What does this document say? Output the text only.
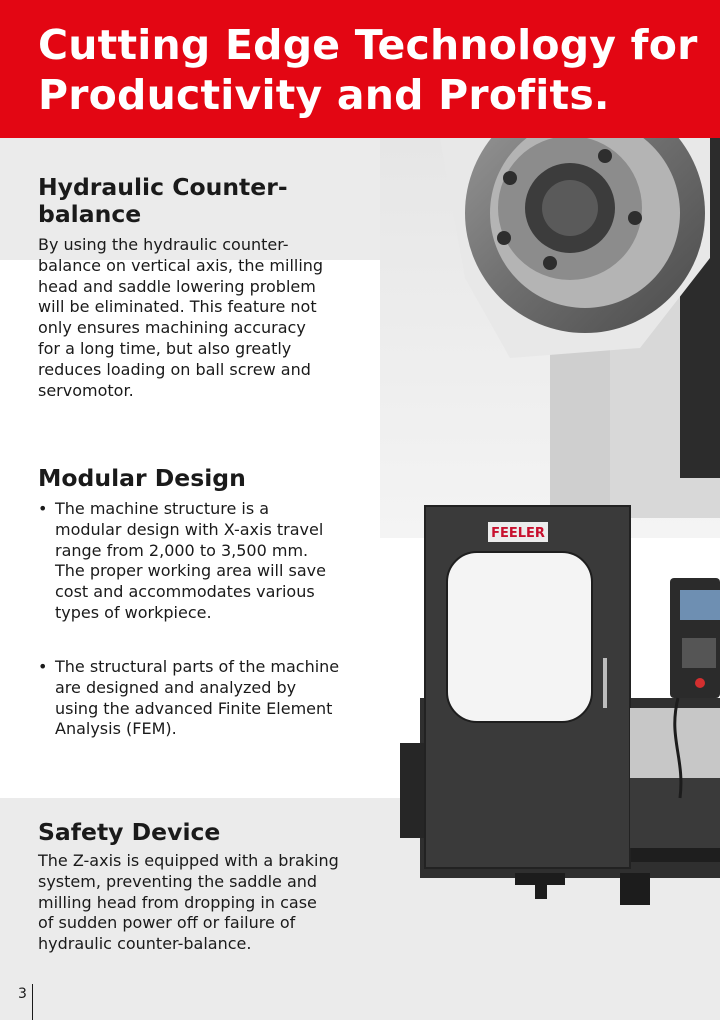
Cutting Edge Technology for
Productivity and Profits.
FEELER
Hydraulic Counter-
balance
By using the hydraulic counter-
balance on vertical axis, the milling
head and saddle lowering problem
will be eliminated. This feature not
only ensures machining accuracy
for a long time, but also greatly
reduces loading on ball screw and
servomotor.
Modular Design
• The machine structure is a
modular design with X-axis travel
range from 2,000 to 3,500 mm.
The proper working area will save
cost and accommodates various
types of workpiece.
• The structural parts of the machine
are designed and analyzed by
using the advanced Finite Element
Analysis (FEM).
Safety Device
The Z-axis is equipped with a braking
system, preventing the saddle and
milling head from dropping in case
of sudden power off or failure of
hydraulic counter-balance.
3
